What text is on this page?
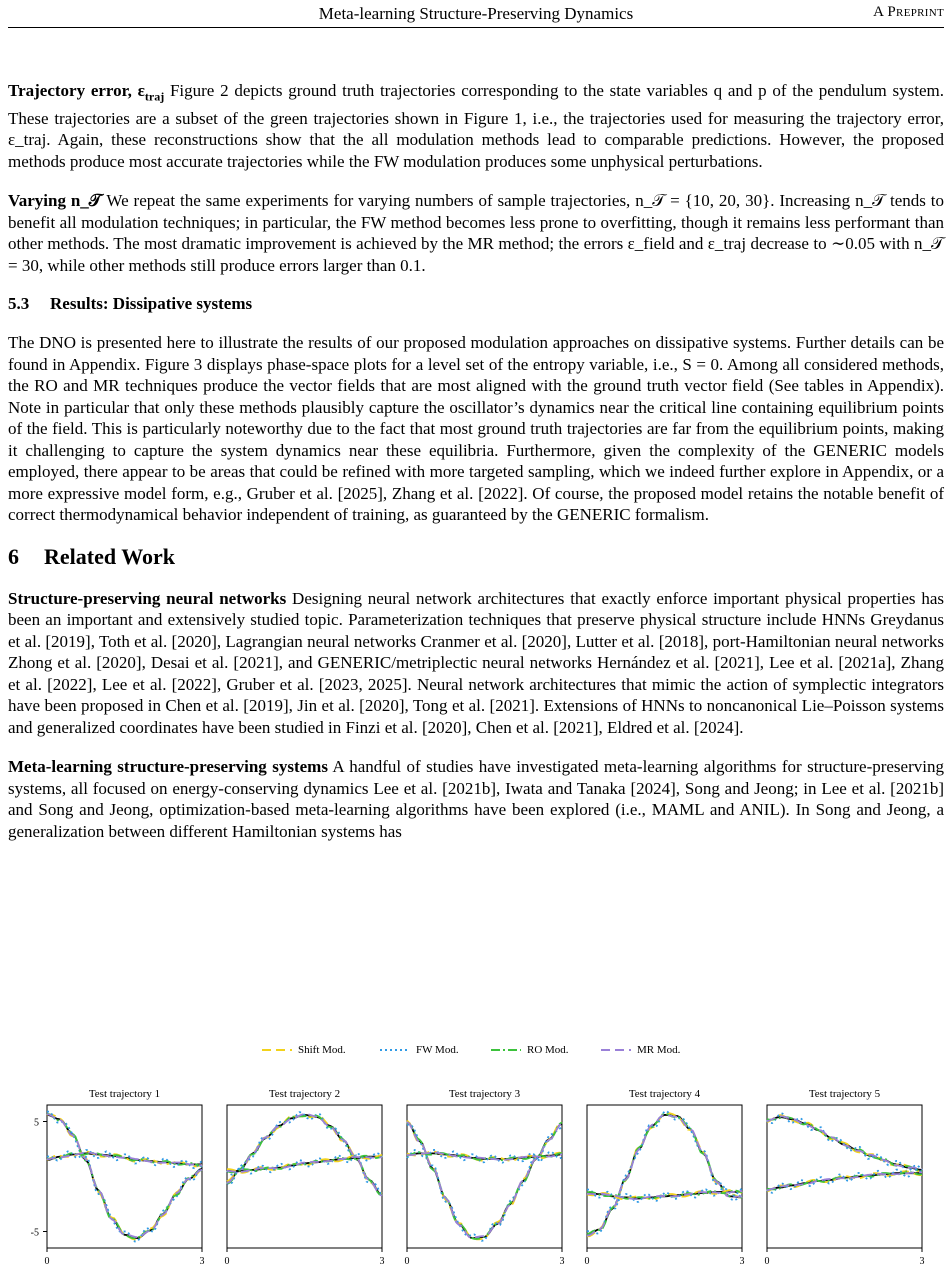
Meta-learning Structure-Preserving Dynamics	A Preprint

Trajectory error, $\varepsilon_{traj}$ Figure 2 depicts ground truth trajectories corresponding to the state variables q and p of the pendulum system. These trajectories are a subset of the green trajectories shown in Figure 1, i.e., the trajectories used for measuring the trajectory error, ε_traj. Again, these reconstructions show that the all modulation methods lead to comparable predictions. However, the proposed methods produce most accurate trajectories while the FW modulation produces some unphysical perturbations.

Varying n_𝒯 We repeat the same experiments for varying numbers of sample trajectories, n_𝒯 = {10, 20, 30}. Increasing n_𝒯 tends to benefit all modulation techniques; in particular, the FW method becomes less prone to overfitting, though it remains less performant than other methods. The most dramatic improvement is achieved by the MR method; the errors ε_field and ε_traj decrease to ∼0.05 with n_𝒯 = 30, while other methods still produce errors larger than 0.1.

5.3 Results: Dissipative systems

The DNO is presented here to illustrate the results of our proposed modulation approaches on dissipative systems. Further details can be found in Appendix. Figure 3 displays phase-space plots for a level set of the entropy variable, i.e., S = 0. Among all considered methods, the RO and MR techniques produce the vector fields that are most aligned with the ground truth vector field (See tables in Appendix). Note in particular that only these methods plausibly capture the oscillator’s dynamics near the critical line containing equilibrium points of the field. This is particularly noteworthy due to the fact that most ground truth trajectories are far from the equilibrium points, making it challenging to capture the system dynamics near these equilibria. Furthermore, given the complexity of the GENERIC models employed, there appear to be areas that could be refined with more targeted sampling, which we indeed further explore in Appendix, or a more expressive model form, e.g., Gruber et al. [2025], Zhang et al. [2022]. Of course, the proposed model retains the notable benefit of correct thermodynamical behavior independent of training, as guaranteed by the GENERIC formalism.

6 Related Work

Structure-preserving neural networks Designing neural network architectures that exactly enforce important physical properties has been an important and extensively studied topic. Parameterization techniques that preserve physical structure include HNNs Greydanus et al. [2019], Toth et al. [2020], Lagrangian neural networks Cranmer et al. [2020], Lutter et al. [2018], port-Hamiltonian neural networks Zhong et al. [2020], Desai et al. [2021], and GENERIC/metriplectic neural networks Hernández et al. [2021], Lee et al. [2021a], Zhang et al. [2022], Lee et al. [2022], Gruber et al. [2023, 2025]. Neural network architectures that mimic the action of symplectic integrators have been proposed in Chen et al. [2019], Jin et al. [2020], Tong et al. [2021]. Extensions of HNNs to noncanonical Lie–Poisson systems and generalized coordinates have been studied in Finzi et al. [2020], Chen et al. [2021], Eldred et al. [2024].

Meta-learning structure-preserving systems A handful of studies have investigated meta-learning algorithms for structure-preserving systems, all focused on energy-conserving dynamics Lee et al. [2021b], Iwata and Tanaka [2024], Song and Jeong; in Lee et al. [2021b] and Song and Jeong, optimization-based meta-learning algorithms have been explored (i.e., MAML and ANIL). In Song and Jeong, a generalization between different Hamiltonian systems has

Shift Mod.	FW Mod.	RO Mod.	MR Mod.
Test trajectory 1
0	3
5
-5
Test trajectory 2
0	3
Test trajectory 3
0	3
Test trajectory 4
0	3
Test trajectory 5
0	3
